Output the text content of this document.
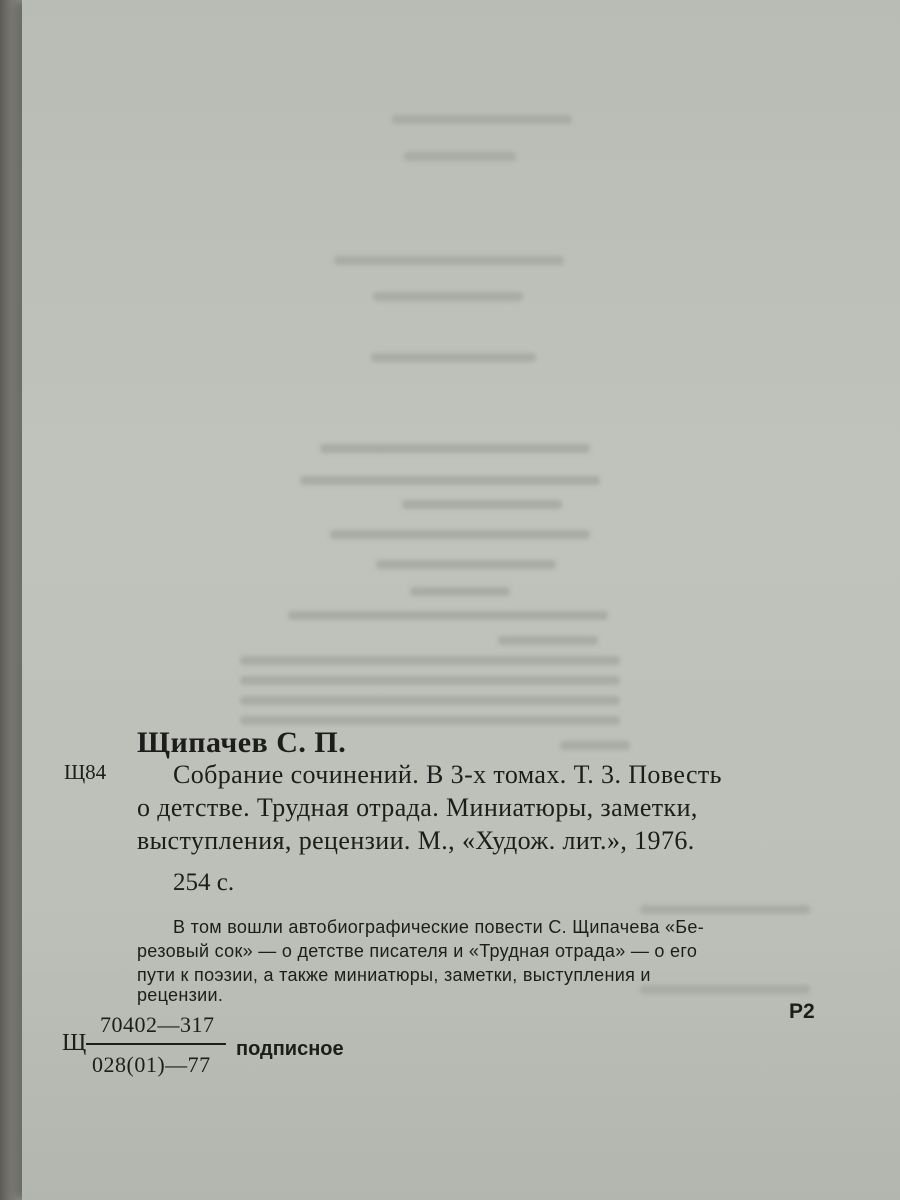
Щипачев С. П.
Щ84	Собрание сочинений. В 3-х томах. Т. 3. Повесть
о детстве. Трудная отрада. Миниатюры, заметки,
выступления, рецензии. М., «Худож. лит.», 1976.
254 с.
В том вошли автобиографические повести С. Щипачева «Бе-
резовый сок» — о детстве писателя и «Трудная отрада» — о его
пути к поэзии, а также миниатюры, заметки, выступления и
рецензии.
Р2
Щ
70402—317
028(01)—77
подписное
